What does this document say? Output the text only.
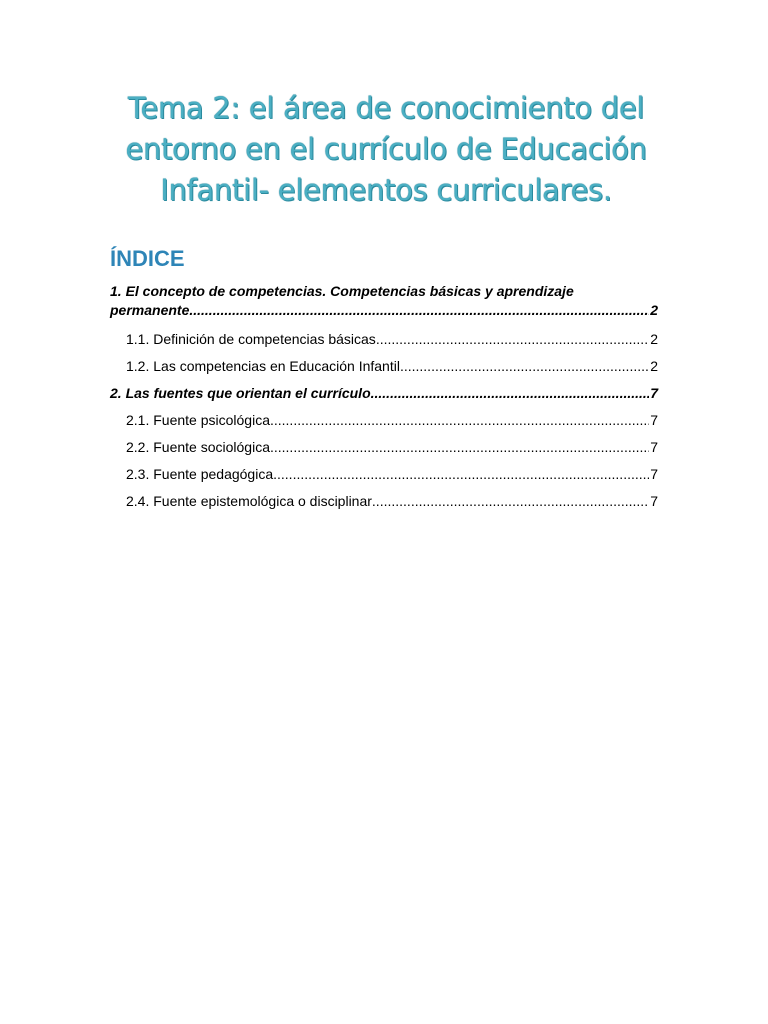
Tema 2: el área de conocimiento del entorno en el currículo de Educación Infantil- elementos curriculares.
ÍNDICE
1. El concepto de competencias. Competencias básicas y aprendizaje
permanente. .....	2
1.1. Definición de competencias básicas .....	2
1.2. Las competencias en Educación Infantil .....	2
2. Las fuentes que orientan el currículo. .....	7
2.1. Fuente psicológica. .....	7
2.2. Fuente sociológica. .....	7
2.3. Fuente pedagógica. .....	7
2.4. Fuente epistemológica o disciplinar .....	7
